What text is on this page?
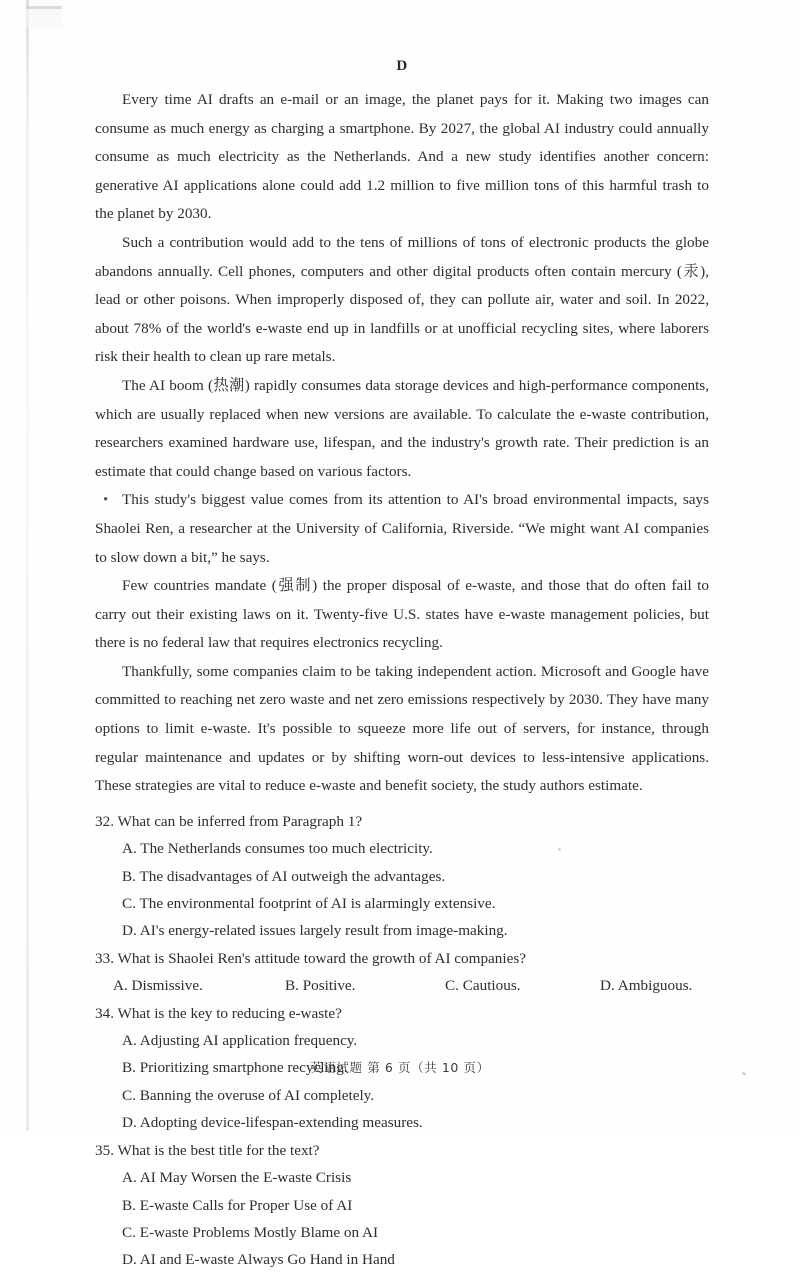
D

Every time AI drafts an e-mail or an image, the planet pays for it. Making two images can consume as much energy as charging a smartphone. By 2027, the global AI industry could annually consume as much electricity as the Netherlands. And a new study identifies another concern: generative AI applications alone could add 1.2 million to five million tons of this harmful trash to the planet by 2030.

Such a contribution would add to the tens of millions of tons of electronic products the globe abandons annually. Cell phones, computers and other digital products often contain mercury (汞), lead or other poisons. When improperly disposed of, they can pollute air, water and soil. In 2022, about 78% of the world's e-waste end up in landfills or at unofficial recycling sites, where laborers risk their health to clean up rare metals.

The AI boom (热潮) rapidly consumes data storage devices and high-performance components, which are usually replaced when new versions are available. To calculate the e-waste contribution, researchers examined hardware use, lifespan, and the industry's growth rate. Their prediction is an estimate that could change based on various factors.

• This study's biggest value comes from its attention to AI's broad environmental impacts, says Shaolei Ren, a researcher at the University of California, Riverside. “We might want AI companies to slow down a bit,” he says.

Few countries mandate (强制) the proper disposal of e-waste, and those that do often fail to carry out their existing laws on it. Twenty-five U.S. states have e-waste management policies, but there is no federal law that requires electronics recycling.

Thankfully, some companies claim to be taking independent action. Microsoft and Google have committed to reaching net zero waste and net zero emissions respectively by 2030. They have many options to limit e-waste. It's possible to squeeze more life out of servers, for instance, through regular maintenance and updates or by shifting worn-out devices to less-intensive applications. These strategies are vital to reduce e-waste and benefit society, the study authors estimate.

32. What can be inferred from Paragraph 1?

A. The Netherlands consumes too much electricity.

B. The disadvantages of AI outweigh the advantages.

C. The environmental footprint of AI is alarmingly extensive.

D. AI's energy-related issues largely result from image-making.

33. What is Shaolei Ren's attitude toward the growth of AI companies?

A. Dismissive.	B. Positive.	C. Cautious.	D. Ambiguous.

34. What is the key to reducing e-waste?

A. Adjusting AI application frequency.

B. Prioritizing smartphone recycling.

C. Banning the overuse of AI completely.

D. Adopting device-lifespan-extending measures.

35. What is the best title for the text?

A. AI May Worsen the E-waste Crisis

B. E-waste Calls for Proper Use of AI

C. E-waste Problems Mostly Blame on AI

D. AI and E-waste Always Go Hand in Hand

英语试题 第 6 页（共 10 页）
